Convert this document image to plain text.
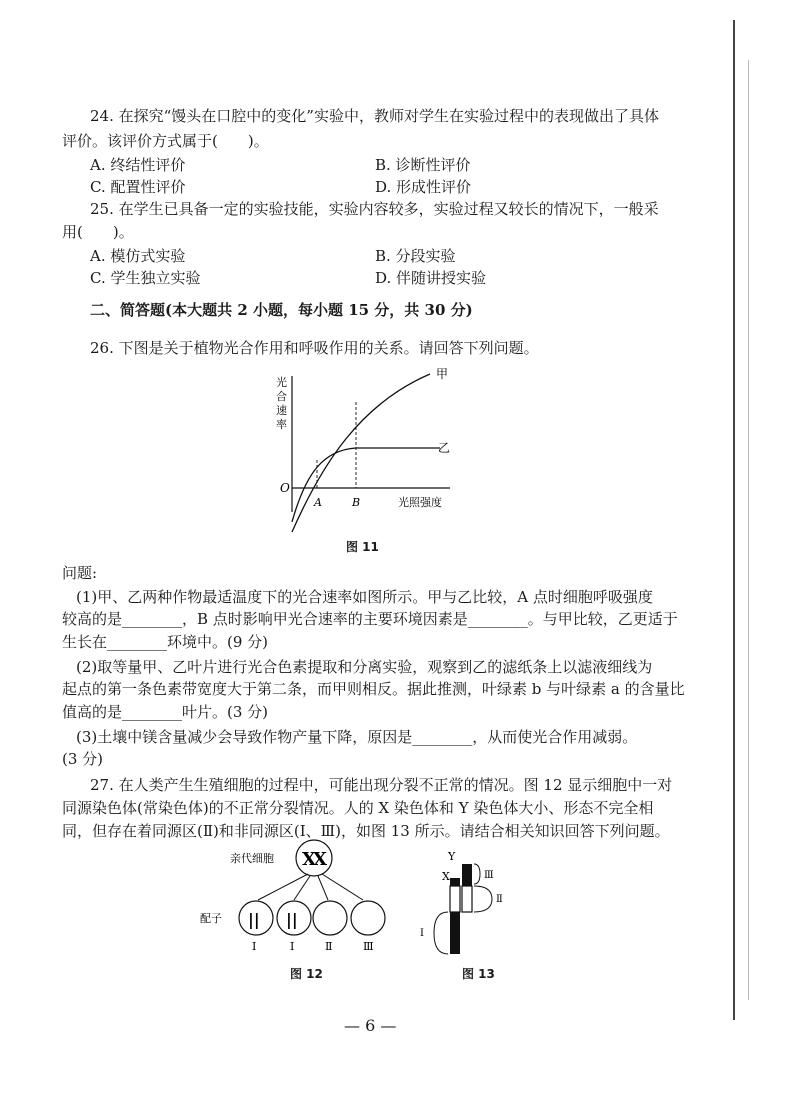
24. 在探究“馒头在口腔中的变化”实验中，教师对学生在实验过程中的表现做出了具体
评价。该评价方式属于(　　)。
A. 终结性评价	B. 诊断性评价
C. 配置性评价	D. 形成性评价
25. 在学生已具备一定的实验技能，实验内容较多，实验过程又较长的情况下，一般采
用(　　)。
A. 模仿式实验	B. 分段实验
C. 学生独立实验	D. 伴随讲授实验
二、简答题(本大题共 2 小题，每小题 15 分，共 30 分)
26. 下图是关于植物光合作用和呼吸作用的关系。请回答下列问题。
光
合
速
率
O
A	B	光照强度
甲
乙
图 11
问题:
(1)甲、乙两种作物最适温度下的光合速率如图所示。甲与乙比较，A 点时细胞呼吸强度
较高的是________，B 点时影响甲光合速率的主要环境因素是________。与甲比较，乙更适于
生长在________环境中。(9 分)
(2)取等量甲、乙叶片进行光合色素提取和分离实验，观察到乙的滤纸条上以滤液细线为
起点的第一条色素带宽度大于第二条，而甲则相反。据此推测，叶绿素 b 与叶绿素 a 的含量比
值高的是________叶片。(3 分)
(3)土壤中镁含量减少会导致作物产量下降，原因是________，从而使光合作用减弱。
(3 分)
27. 在人类产生生殖细胞的过程中，可能出现分裂不正常的情况。图 12 显示细胞中一对
同源染色体(常染色体)的不正常分裂情况。人的 X 染色体和 Y 染色体大小、形态不完全相
同，但存在着同源区(Ⅱ)和非同源区(Ⅰ、Ⅲ)，如图 13 所示。请结合相关知识回答下列问题。
亲代细胞 X
X
配子 || ||
Ⅰ	Ⅰ	Ⅱ	Ⅲ
图 12
Y
X	Ⅲ
Ⅱ
Ⅰ
图 13
— 6 —
